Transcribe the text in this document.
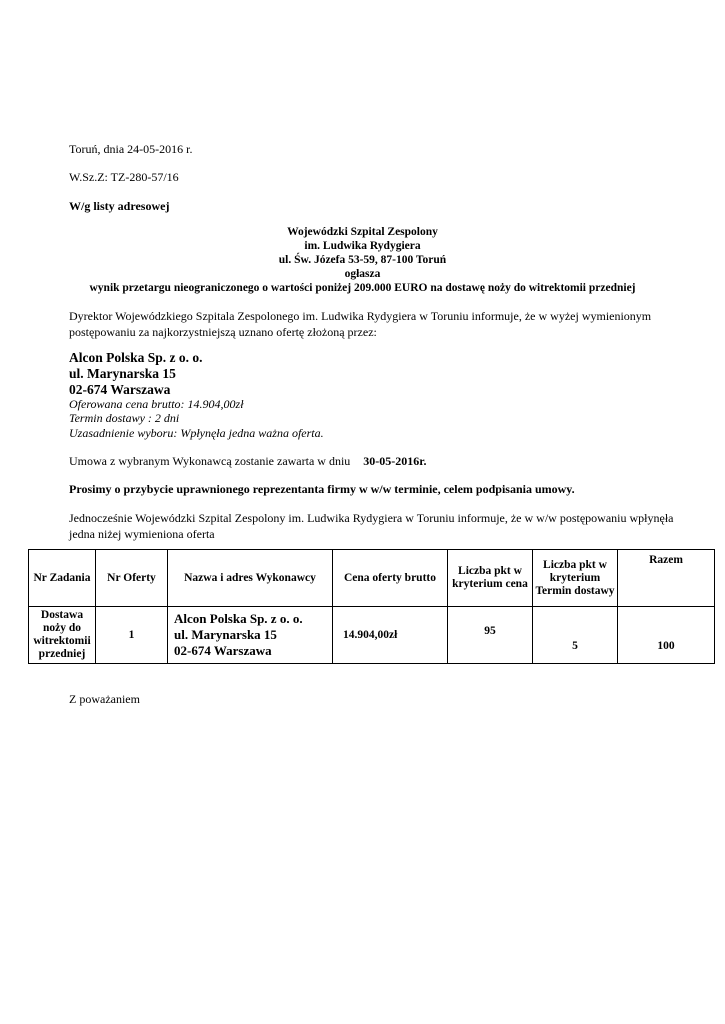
Toruń, dnia 24-05-2016 r.
W.Sz.Z: TZ-280-57/16
W/g listy adresowej
Wojewódzki Szpital Zespolony
im. Ludwika Rydygiera
ul. Św. Józefa 53-59, 87-100 Toruń
ogłasza
wynik przetargu nieograniczonego o wartości poniżej 209.000 EURO na dostawę noży do witrektomii przedniej
Dyrektor Wojewódzkiego Szpitala Zespolonego im. Ludwika Rydygiera w Toruniu informuje, że w wyżej wymienionym postępowaniu za najkorzystniejszą uznano ofertę złożoną przez:
Alcon Polska Sp. z o. o.
ul. Marynarska 15
02-674 Warszawa
Oferowana cena brutto: 14.904,00zł
Termin dostawy : 2 dni
Uzasadnienie wyboru: Wpłynęła jedna ważna oferta.
Umowa z wybranym Wykonawcą zostanie zawarta w dniu 30-05-2016r.
Prosimy o przybycie uprawnionego reprezentanta firmy w w/w terminie, celem podpisania umowy.
Jednocześnie Wojewódzki Szpital Zespolony im. Ludwika Rydygiera w Toruniu informuje, że w w/w postępowaniu wpłynęła jedna niżej wymieniona oferta
Nr Zadania	Nr Oferty	Nazwa i adres Wykonawcy	Cena oferty brutto	Liczba pkt w kryterium cena	Liczba pkt w kryterium Termin dostawy	Razem
Dostawa noży do witrektomii przedniej	1	Alcon Polska Sp. z o. o.
ul. Marynarska 15
02-674 Warszawa	14.904,00zł	95	5	100
Z poważaniem
